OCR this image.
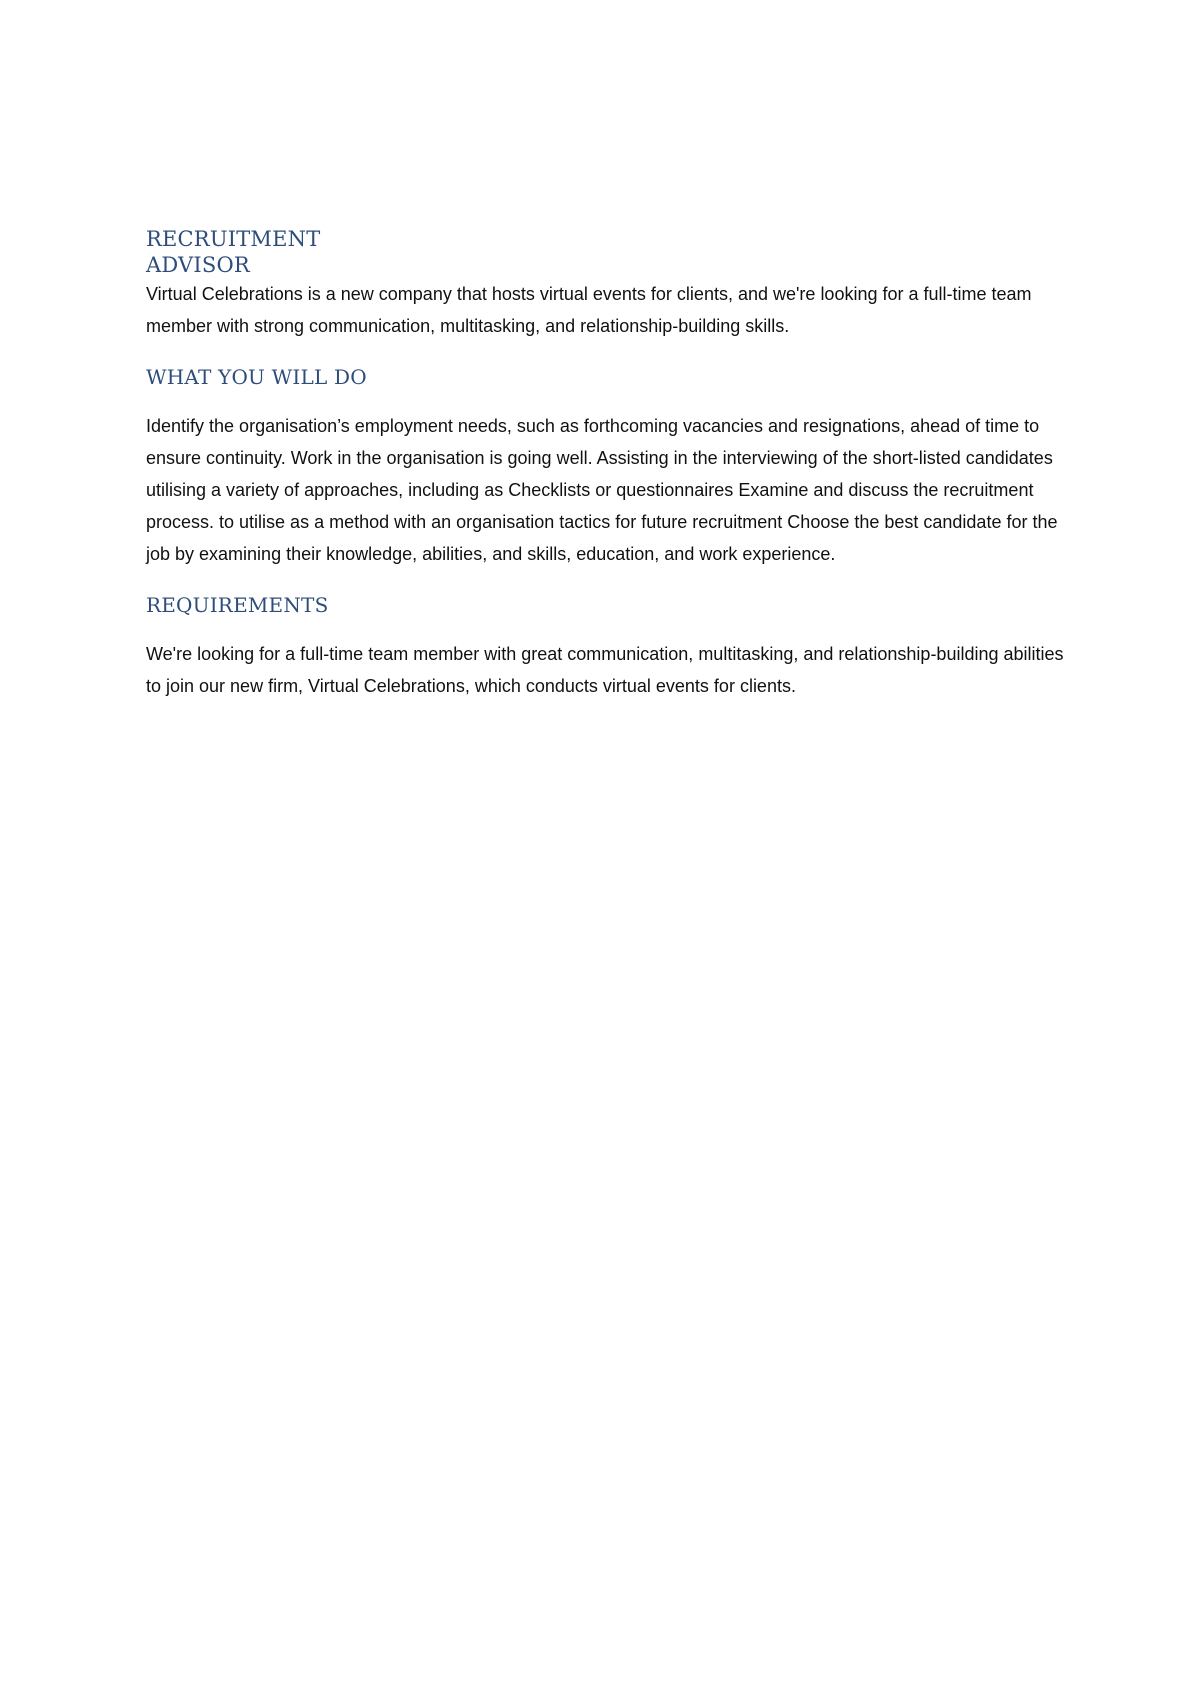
RECRUITMENT
ADVISOR

Virtual Celebrations is a new company that hosts virtual events for clients, and we're looking for a full-time team member with strong communication, multitasking, and relationship-building skills.

WHAT YOU WILL DO

Identify the organisation’s employment needs, such as forthcoming vacancies and resignations, ahead of time to ensure continuity. Work in the organisation is going well. Assisting in the interviewing of the short-listed candidates utilising a variety of approaches, including as Checklists or questionnaires Examine and discuss the recruitment process. to utilise as a method with an organisation tactics for future recruitment Choose the best candidate for the job by examining their knowledge, abilities, and skills, education, and work experience.

REQUIREMENTS

We're looking for a full-time team member with great communication, multitasking, and relationship-building abilities to join our new firm, Virtual Celebrations, which conducts virtual events for clients.
